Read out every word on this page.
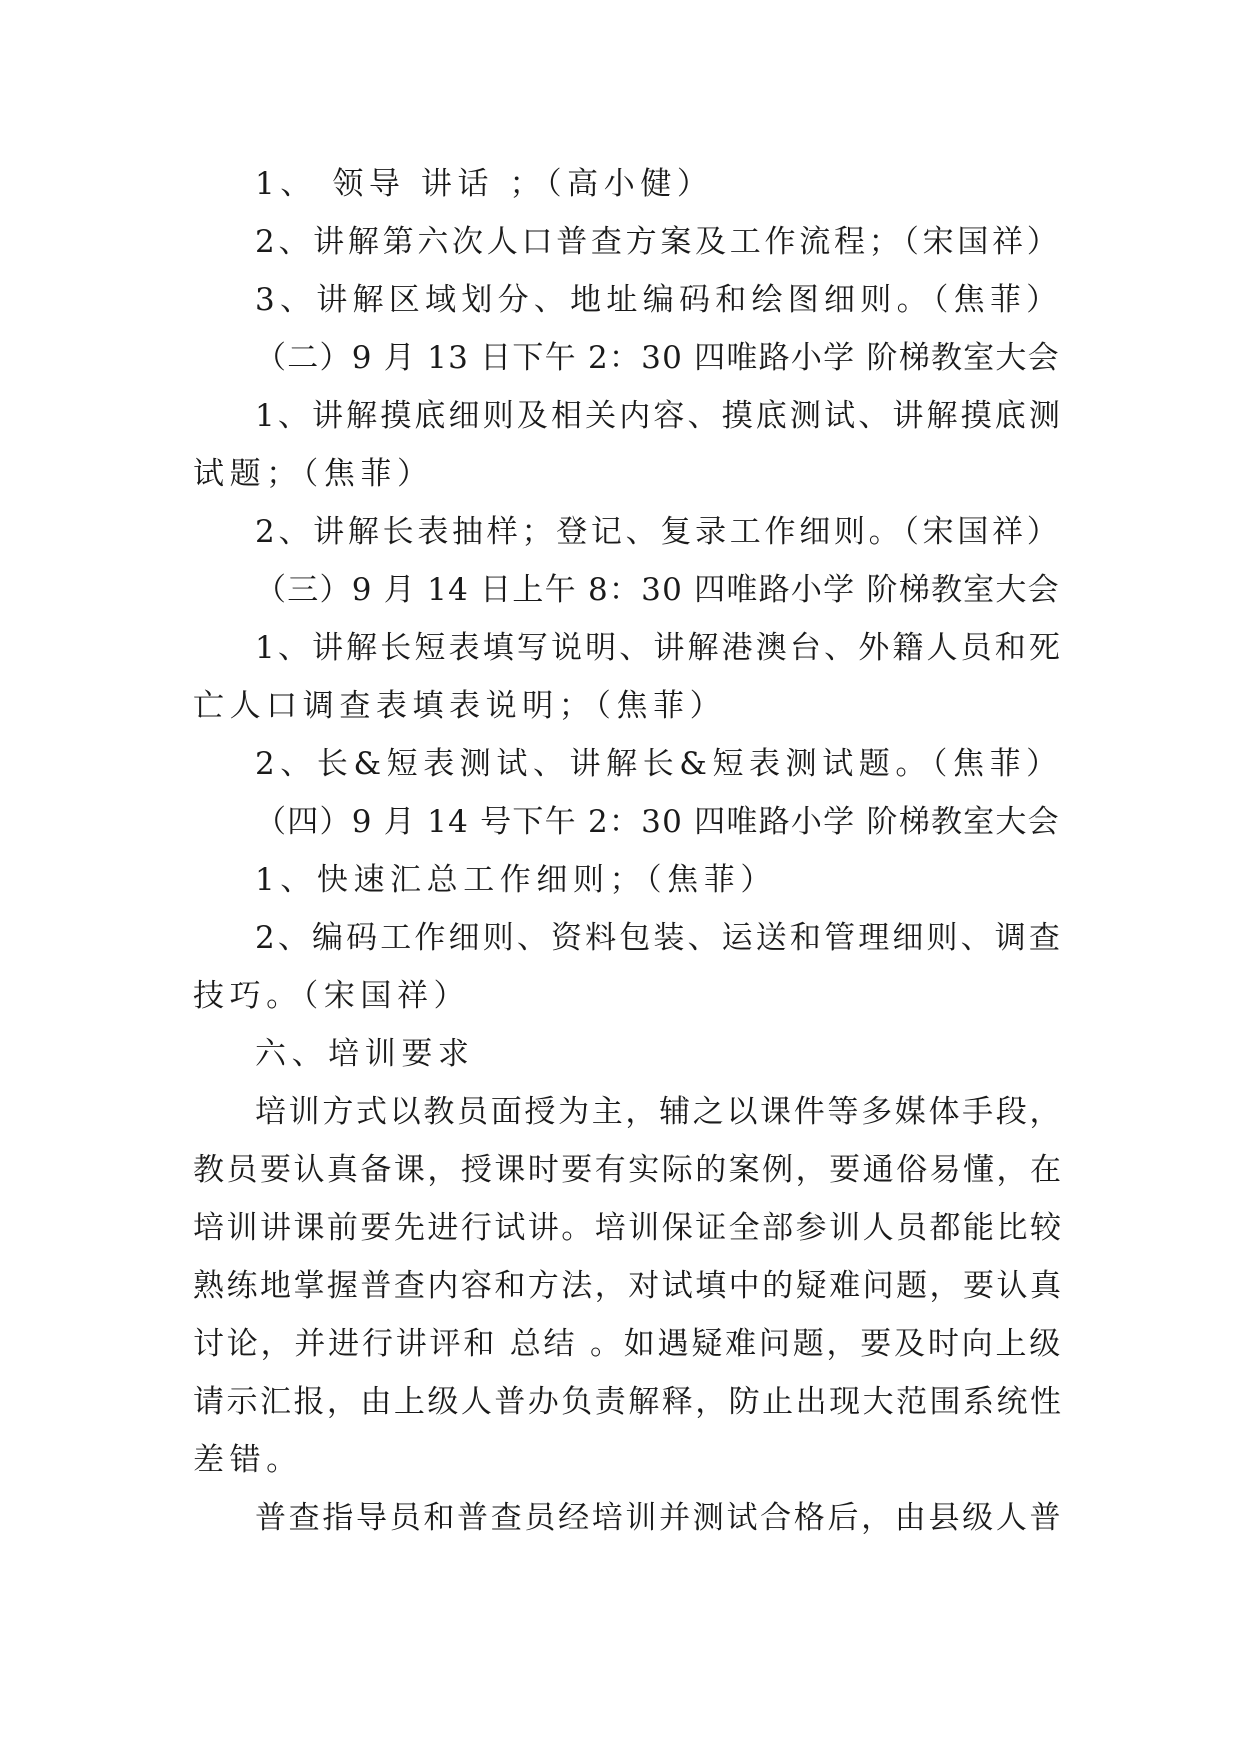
1、 领导 讲话 ；（高小健）
2、讲解第六次人口普查方案及工作流程；（宋国祥）
3、讲解区域划分、地址编码和绘图细则。（焦菲）
（二）9 月 13 日下午 2：30 四唯路小学 阶梯教室大会
1、讲解摸底细则及相关内容、摸底测试、讲解摸底测
试题；（焦菲）
2、讲解长表抽样；登记、复录工作细则。（宋国祥）
（三）9 月 14 日上午 8：30 四唯路小学 阶梯教室大会
1、讲解长短表填写说明、讲解港澳台、外籍人员和死
亡人口调查表填表说明；（焦菲）
2、长&短表测试、讲解长&短表测试题。（焦菲）
（四）9 月 14 号下午 2：30 四唯路小学 阶梯教室大会
1、快速汇总工作细则；（焦菲）
2、编码工作细则、资料包装、运送和管理细则、调查
技巧。（宋国祥）
六、培训要求
培训方式以教员面授为主，辅之以课件等多媒体手段，
教员要认真备课，授课时要有实际的案例，要通俗易懂，在
培训讲课前要先进行试讲。培训保证全部参训人员都能比较
熟练地掌握普查内容和方法，对试填中的疑难问题，要认真
讨论，并进行讲评和 总结 。如遇疑难问题，要及时向上级
请示汇报，由上级人普办负责解释，防止出现大范围系统性
差错。
普查指导员和普查员经培训并测试合格后，由县级人普
